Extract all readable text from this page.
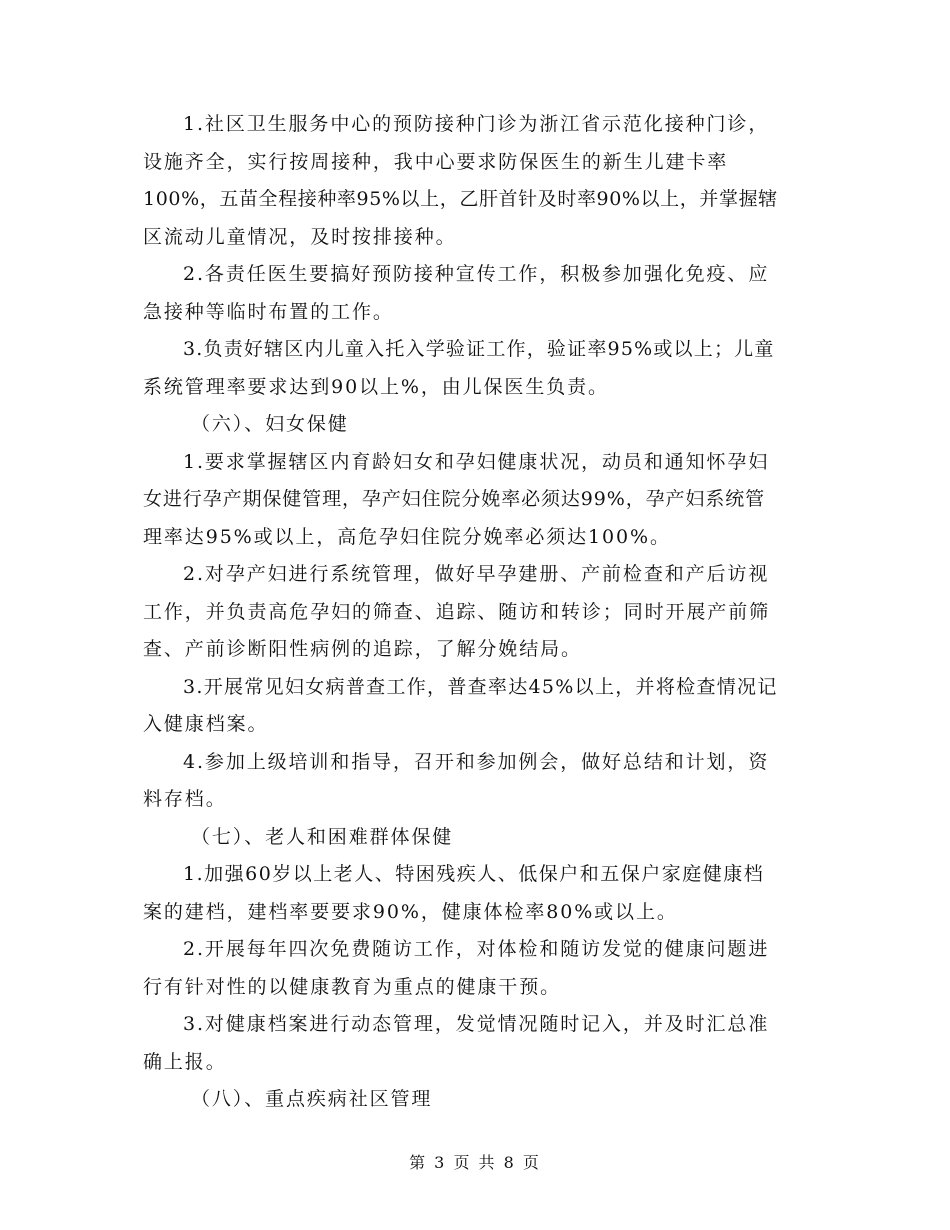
1.社区卫生服务中心的预防接种门诊为浙江省示范化接种门诊，
设施齐全，实行按周接种，我中心要求防保医生的新生儿建卡率
100%，五苗全程接种率95%以上，乙肝首针及时率90%以上，并掌握辖
区流动儿童情况，及时按排接种。
2.各责任医生要搞好预防接种宣传工作，积极参加强化免疫、应
急接种等临时布置的工作。
3.负责好辖区内儿童入托入学验证工作，验证率95%或以上；儿童
系统管理率要求达到90以上%，由儿保医生负责。
（六）、妇女保健
1.要求掌握辖区内育龄妇女和孕妇健康状况，动员和通知怀孕妇
女进行孕产期保健管理，孕产妇住院分娩率必须达99%，孕产妇系统管
理率达95%或以上，高危孕妇住院分娩率必须达100%。
2.对孕产妇进行系统管理，做好早孕建册、产前检查和产后访视
工作，并负责高危孕妇的筛查、追踪、随访和转诊；同时开展产前筛
查、产前诊断阳性病例的追踪，了解分娩结局。
3.开展常见妇女病普查工作，普查率达45%以上，并将检查情况记
入健康档案。
4.参加上级培训和指导，召开和参加例会，做好总结和计划，资
料存档。
（七）、老人和困难群体保健
1.加强60岁以上老人、特困残疾人、低保户和五保户家庭健康档
案的建档，建档率要要求90%，健康体检率80%或以上。
2.开展每年四次免费随访工作，对体检和随访发觉的健康问题进
行有针对性的以健康教育为重点的健康干预。
3.对健康档案进行动态管理，发觉情况随时记入，并及时汇总准
确上报。
（八）、重点疾病社区管理
第 3 页 共 8 页
